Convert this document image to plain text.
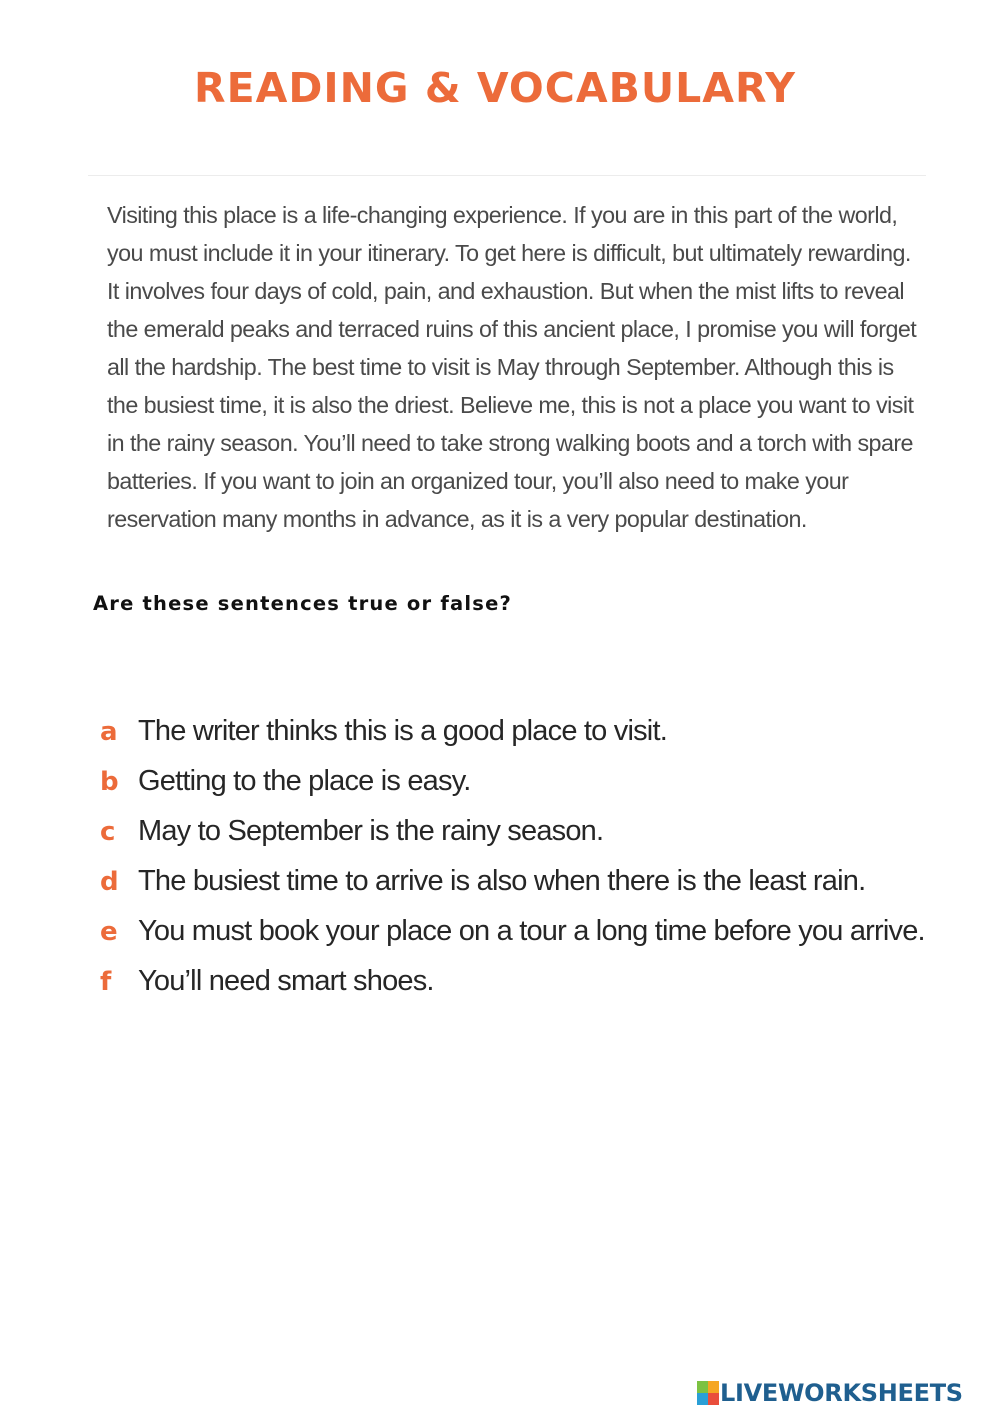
READING & VOCABULARY

Visiting this place is a life-changing experience. If you are in this part of the world, you must include it in your itinerary. To get here is difficult, but ultimately rewarding. It involves four days of cold, pain, and exhaustion. But when the mist lifts to reveal the emerald peaks and terraced ruins of this ancient place, I promise you will forget all the hardship. The best time to visit is May through September. Although this is the busiest time, it is also the driest. Believe me, this is not a place you want to visit in the rainy season. You’ll need to take strong walking boots and a torch with spare batteries. If you want to join an organized tour, you’ll also need to make your reservation many months in advance, as it is a very popular destination.

Are these sentences true or false?

a The writer thinks this is a good place to visit.
b Getting to the place is easy.
c May to September is the rainy season.
d The busiest time to arrive is also when there is the least rain.
e You must book your place on a tour a long time before you arrive.
f You’ll need smart shoes.
LIVEWORKSHEETS
